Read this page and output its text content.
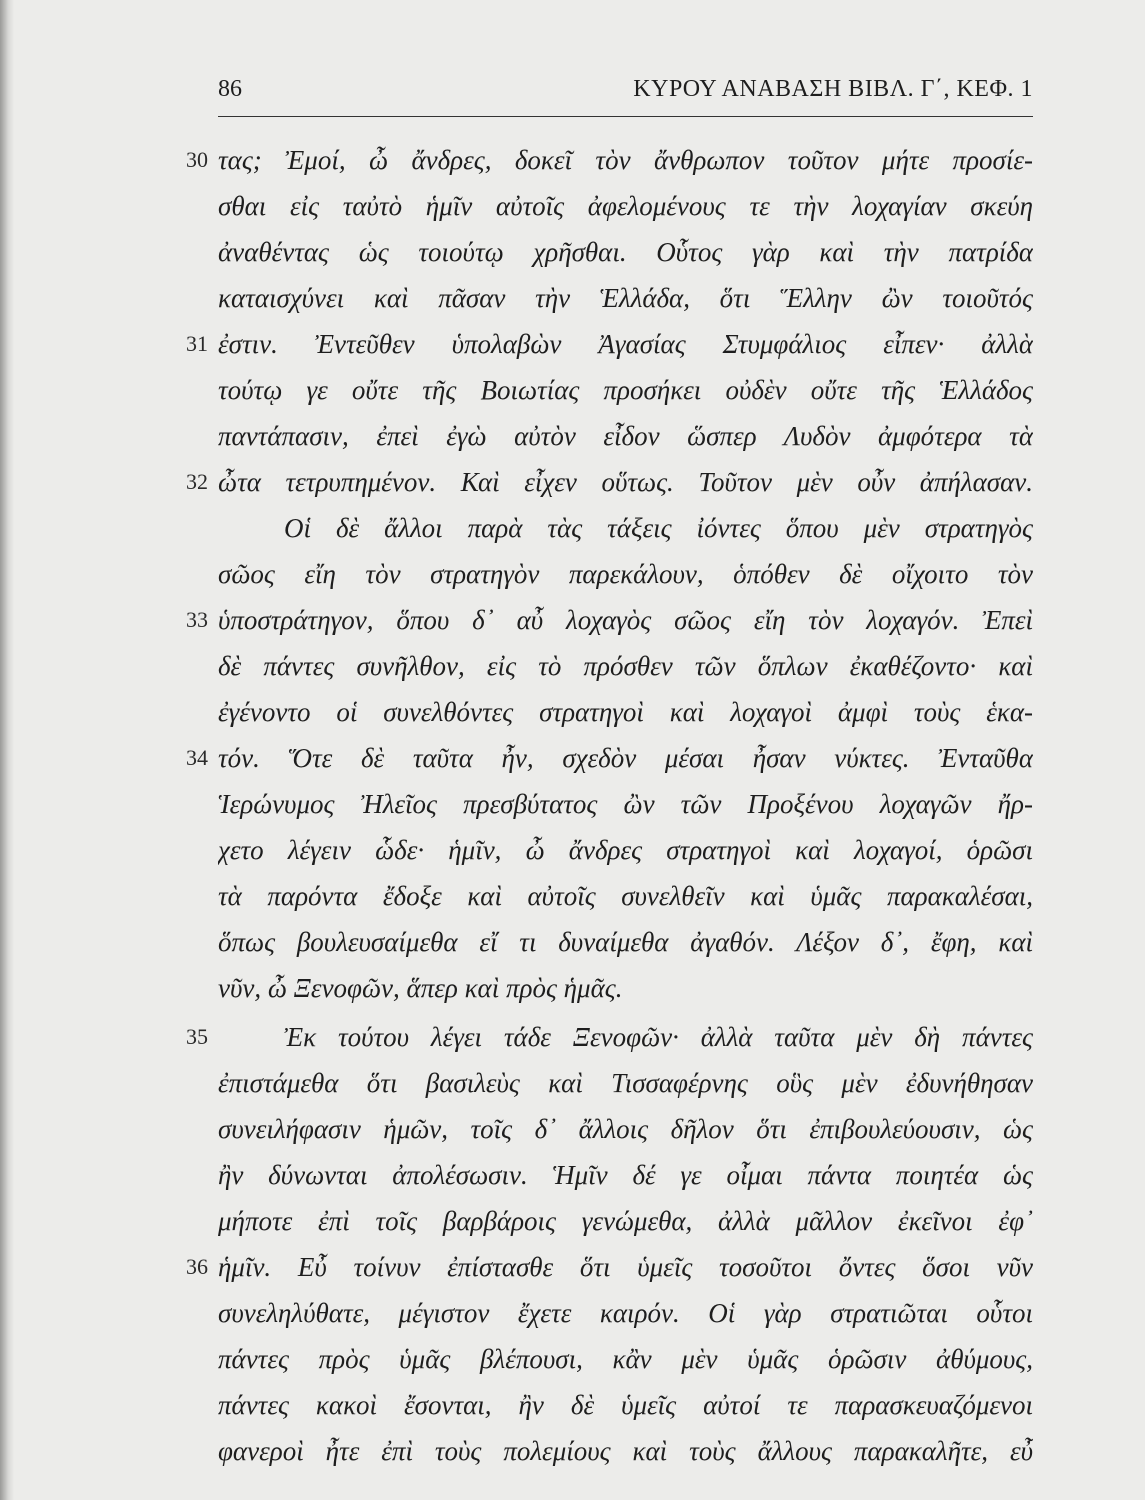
86	ΚΥΡΟΥ ΑΝΑΒΑΣΗ ΒΙΒΛ. Γ΄, ΚΕΦ. 1
30 τας; Ἐμοί, ὦ ἄνδρες, δοκεῖ τὸν ἄνθρωπον τοῦτον μήτε προσίε-
σθαι εἰς ταὐτὸ ἡμῖν αὐτοῖς ἀφελομένους τε τὴν λοχαγίαν σκεύη
ἀναθέντας ὡς τοιούτῳ χρῆσθαι. Οὗτος γὰρ καὶ τὴν πατρίδα
καταισχύνει καὶ πᾶσαν τὴν Ἑλλάδα, ὅτι Ἕλλην ὢν τοιοῦτός
31 ἐστιν. Ἐντεῦθεν ὑπολαβὼν Ἀγασίας Στυμφάλιος εἶπεν· ἀλλὰ
τούτῳ γε οὔτε τῆς Βοιωτίας προσήκει οὐδὲν οὔτε τῆς Ἑλλάδος
παντάπασιν, ἐπεὶ ἐγὼ αὐτὸν εἶδον ὥσπερ Λυδὸν ἀμφότερα τὰ
32 ὦτα τετρυπημένον. Καὶ εἶχεν οὕτως. Τοῦτον μὲν οὖν ἀπήλασαν.
Οἱ δὲ ἄλλοι παρὰ τὰς τάξεις ἰόντες ὅπου μὲν στρατηγὸς
σῶος εἴη τὸν στρατηγὸν παρεκάλουν, ὁπόθεν δὲ οἴχοιτο τὸν
33 ὑποστράτηγον, ὅπου δ᾽ αὖ λοχαγὸς σῶος εἴη τὸν λοχαγόν. Ἐπεὶ
δὲ πάντες συνῆλθον, εἰς τὸ πρόσθεν τῶν ὅπλων ἐκαθέζοντο· καὶ
ἐγένοντο οἱ συνελθόντες στρατηγοὶ καὶ λοχαγοὶ ἀμφὶ τοὺς ἑκα-
34 τόν. Ὅτε δὲ ταῦτα ἦν, σχεδὸν μέσαι ἦσαν νύκτες. Ἐνταῦθα
Ἱερώνυμος Ἠλεῖος πρεσβύτατος ὢν τῶν Προξένου λοχαγῶν ἤρ-
χετο λέγειν ὧδε· ἡμῖν, ὦ ἄνδρες στρατηγοὶ καὶ λοχαγοί, ὁρῶσι
τὰ παρόντα ἔδοξε καὶ αὐτοῖς συνελθεῖν καὶ ὑμᾶς παρακαλέσαι,
ὅπως βουλευσαίμεθα εἴ τι δυναίμεθα ἀγαθόν. Λέξον δ᾽, ἔφη, καὶ
νῦν, ὦ Ξενοφῶν, ἅπερ καὶ πρὸς ἡμᾶς.
35	Ἐκ τούτου λέγει τάδε Ξενοφῶν· ἀλλὰ ταῦτα μὲν δὴ πάντες
ἐπιστάμεθα ὅτι βασιλεὺς καὶ Τισσαφέρνης οὓς μὲν ἐδυνήθησαν
συνειλήφασιν ἡμῶν, τοῖς δ᾽ ἄλλοις δῆλον ὅτι ἐπιβουλεύουσιν, ὡς
ἢν δύνωνται ἀπολέσωσιν. Ἡμῖν δέ γε οἶμαι πάντα ποιητέα ὡς
μήποτε ἐπὶ τοῖς βαρβάροις γενώμεθα, ἀλλὰ μᾶλλον ἐκεῖνοι ἐφ᾽
36 ἡμῖν. Εὖ τοίνυν ἐπίστασθε ὅτι ὑμεῖς τοσοῦτοι ὄντες ὅσοι νῦν
συνεληλύθατε, μέγιστον ἔχετε καιρόν. Οἱ γὰρ στρατιῶται οὗτοι
πάντες πρὸς ὑμᾶς βλέπουσι, κἂν μὲν ὑμᾶς ὁρῶσιν ἀθύμους,
πάντες κακοὶ ἔσονται, ἢν δὲ ὑμεῖς αὐτοί τε παρασκευαζόμενοι
φανεροὶ ἦτε ἐπὶ τοὺς πολεμίους καὶ τοὺς ἄλλους παρακαλῆτε, εὖ
